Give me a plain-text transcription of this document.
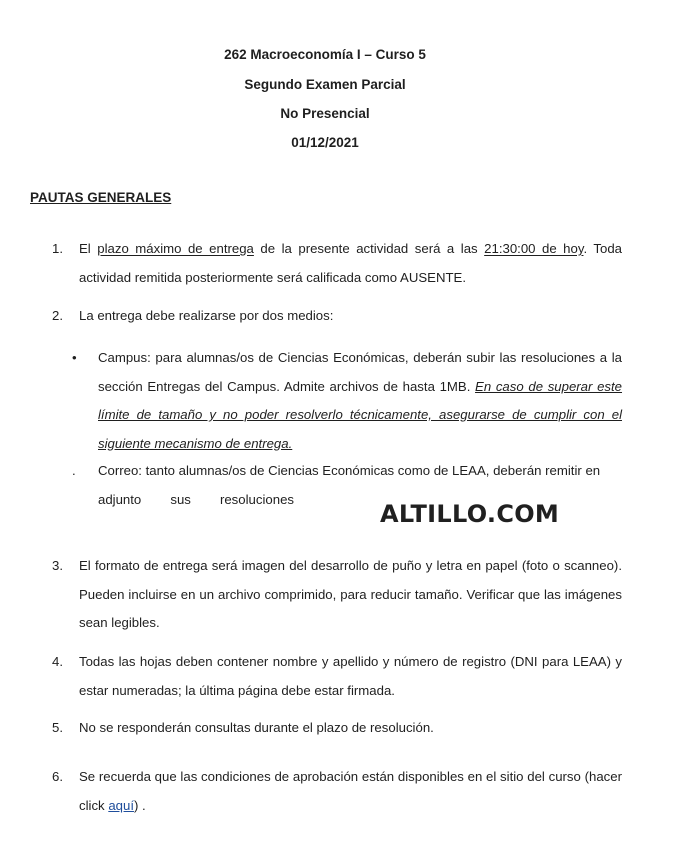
262 Macroeconomía I – Curso 5
Segundo Examen Parcial
No Presencial
01/12/2021
PAUTAS GENERALES
1. El plazo máximo de entrega de la presente actividad será a las 21:30:00 de hoy. Toda actividad remitida posteriormente será calificada como AUSENTE.
2. La entrega debe realizarse por dos medios:
• Campus: para alumnas/os de Ciencias Económicas, deberán subir las resoluciones a la sección Entregas del Campus. Admite archivos de hasta 1MB. En caso de superar este límite de tamaño y no poder resolverlo técnicamente, asegurarse de cumplir con el siguiente mecanismo de entrega.
. Correo: tanto alumnas/os de Ciencias Económicas como de LEAA, deberán remitir en
adjunto sus resoluciones
ALTILLO.COM
3. El formato de entrega será imagen del desarrollo de puño y letra en papel (foto o scanneo). Pueden incluirse en un archivo comprimido, para reducir tamaño. Verificar que las imágenes sean legibles.
4. Todas las hojas deben contener nombre y apellido y número de registro (DNI para LEAA) y estar numeradas; la última página debe estar firmada.
5. No se responderán consultas durante el plazo de resolución.
6. Se recuerda que las condiciones de aprobación están disponibles en el sitio del curso (hacer click aquí) .
